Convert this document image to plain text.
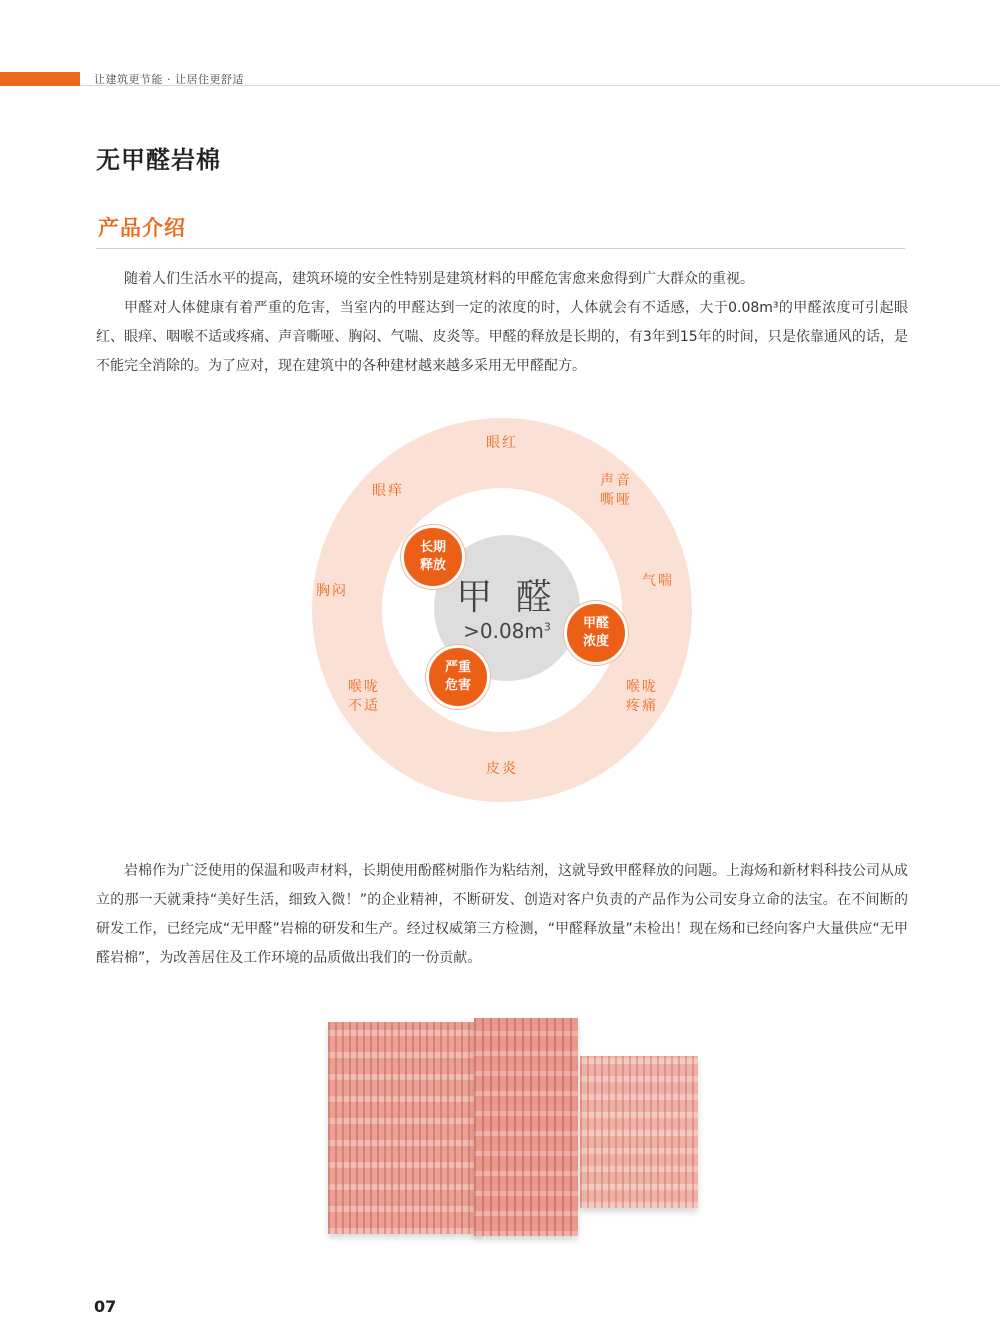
让建筑更节能 · 让居住更舒适
无甲醛岩棉
产品介绍

随着人们生活水平的提高，建筑环境的安全性特别是建筑材料的甲醛危害愈来愈得到广大群众的重视。

甲醛对人体健康有着严重的危害，当室内的甲醛达到一定的浓度的时，人体就会有不适感，大于0.08m³的甲醛浓度可引起眼红、眼痒、咽喉不适或疼痛、声音嘶哑、胸闷、气喘、皮炎等。甲醛的释放是长期的，有3年到15年的时间，只是依靠通风的话，是不能完全消除的。为了应对，现在建筑中的各种建材越来越多采用无甲醛配方。

甲 醛
$>0.08m^3$
长期释放
甲醛浓度
严重危害
眼红
声音嘶哑
气喘
喉咙疼痛
皮炎
喉咙不适
胸闷
眼痒

岩棉作为广泛使用的保温和吸声材料，长期使用酚醛树脂作为粘结剂，这就导致甲醛释放的问题。上海炀和新材料科技公司从成立的那一天就秉持“美好生活，细致入微！”的企业精神，不断研发、创造对客户负责的产品作为公司安身立命的法宝。在不间断的研发工作，已经完成“无甲醛”岩棉的研发和生产。经过权威第三方检测，“甲醛释放量”未检出！现在炀和已经向客户大量供应“无甲醛岩棉”，为改善居住及工作环境的品质做出我们的一份贡献。

07
